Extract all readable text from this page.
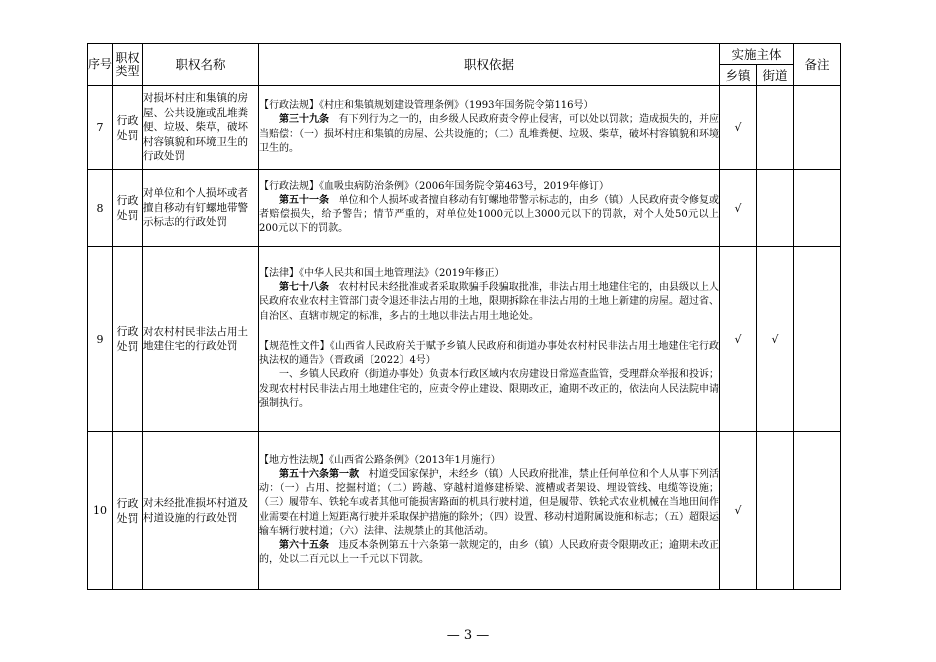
序号	职权类型	职权名称	职权依据	实施主体		备注
				乡镇	街道	
7	行政处罚	对损坏村庄和集镇的房屋、公共设施或乱堆粪便、垃圾、柴草，破坏村容镇貌和环境卫生的行政处罚	【行政法规】《村庄和集镇规划建设管理条例》（1993年国务院令第116号）

第三十九条 有下列行为之一的，由乡级人民政府责令停止侵害，可以处以罚款；造成损失的，并应当赔偿：（一）损坏村庄和集镇的房屋、公共设施的；（二）乱堆粪便、垃圾、柴草，破坏村容镇貌和环境卫生的。	√		
8	行政处罚	对单位和个人损坏或者擅自移动有钉螺地带警示标志的行政处罚	【行政法规】《血吸虫病防治条例》（2006年国务院令第463号，2019年修订）

第五十一条 单位和个人损坏或者擅自移动有钉螺地带警示标志的，由乡（镇）人民政府责令修复或者赔偿损失，给予警告；情节严重的，对单位处1000元以上3000元以下的罚款，对个人处50元以上200元以下的罚款。	√		
9	行政处罚	对农村村民非法占用土地建住宅的行政处罚	【法律】《中华人民共和国土地管理法》（2019年修正）

第七十八条 农村村民未经批准或者采取欺骗手段骗取批准，非法占用土地建住宅的，由县级以上人民政府农业农村主管部门责令退还非法占用的土地，限期拆除在非法占用的土地上新建的房屋。超过省、自治区、直辖市规定的标准，多占的土地以非法占用土地论处。

【规范性文件】《山西省人民政府关于赋予乡镇人民政府和街道办事处农村村民非法占用土地建住宅行政执法权的通告》（晋政函〔2022〕4号）

一、乡镇人民政府（街道办事处）负责本行政区域内农房建设日常巡查监管，受理群众举报和投诉；发现农村村民非法占用土地建住宅的，应责令停止建设、限期改正，逾期不改正的，依法向人民法院申请强制执行。	√	√	
10	行政处罚	对未经批准损坏村道及村道设施的行政处罚	【地方性法规】《山西省公路条例》（2013年1月施行）

第五十六条第一款 村道受国家保护，未经乡（镇）人民政府批准，禁止任何单位和个人从事下列活动：（一）占用、挖掘村道；（二）跨越、穿越村道修建桥梁、渡槽或者架设、埋设管线、电缆等设施；（三）履带车、铁轮车或者其他可能损害路面的机具行驶村道，但是履带、铁轮式农业机械在当地田间作业需要在村道上短距离行驶并采取保护措施的除外；（四）设置、移动村道附属设施和标志；（五）超限运输车辆行驶村道；（六）法律、法规禁止的其他活动。

第六十五条 违反本条例第五十六条第一款规定的，由乡（镇）人民政府责令限期改正；逾期未改正的，处以二百元以上一千元以下罚款。	√		
— 3 —
